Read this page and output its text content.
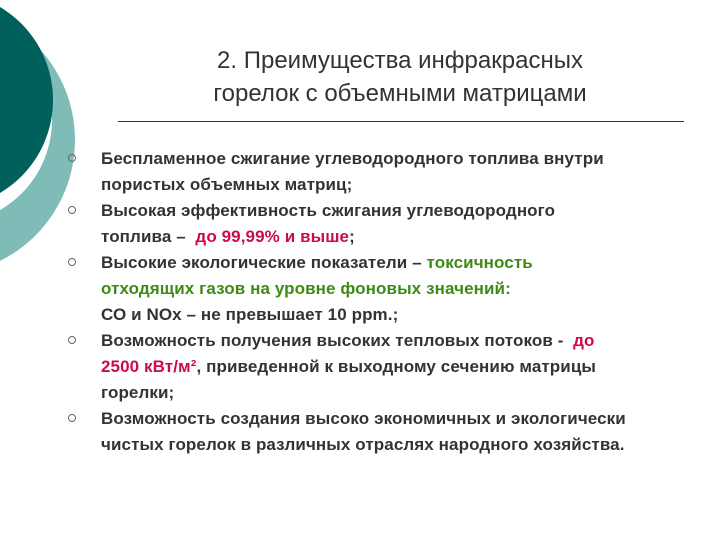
2. Преимущества инфракрасных
горелок с объемными матрицами
Беспламенное сжигание углеводородного топлива внутри
пористых объемных матриц;
Высокая эффективность сжигания углеводородного
топлива –  до 99,99% и выше;
Высокие экологические показатели – токсичность
отходящих газов на уровне фоновых значений:
СО и NOx – не превышает 10 ppm.;
Возможность получения высоких тепловых потоков -  до
2500 кВт/м², приведенной к выходному сечению матрицы
горелки;
Возможность создания высоко экономичных и экологически
чистых горелок в различных отраслях народного хозяйства.
